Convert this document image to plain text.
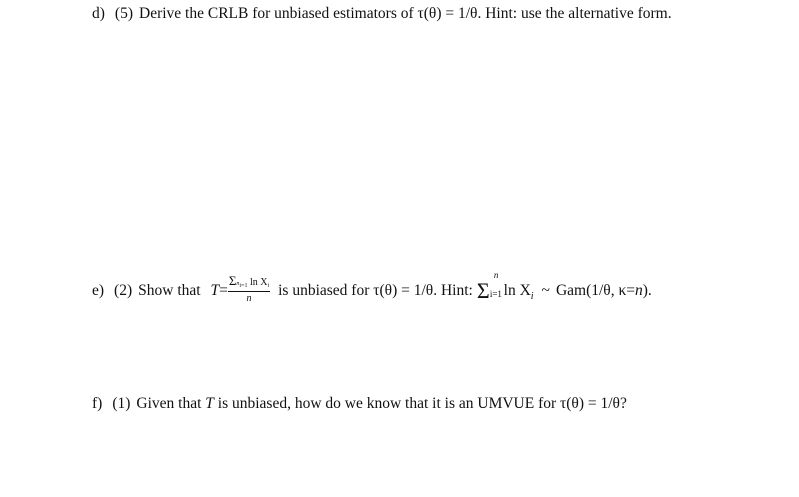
d) (5) Derive the CRLB for unbiased estimators of τ(θ) = 1/θ. Hint: use the alternative form.
e) (2) Show that $T= \frac{\Sigma n_{i=1} \ln X_i}{n}$ is unbiased for τ(θ) = 1/θ. Hint: Σ
n
i=1 $\ln X_i$ ~ Gam(1/θ, κ=n).
f) (1) Given that T is unbiased, how do we know that it is an UMVUE for τ(θ) = 1/θ?
